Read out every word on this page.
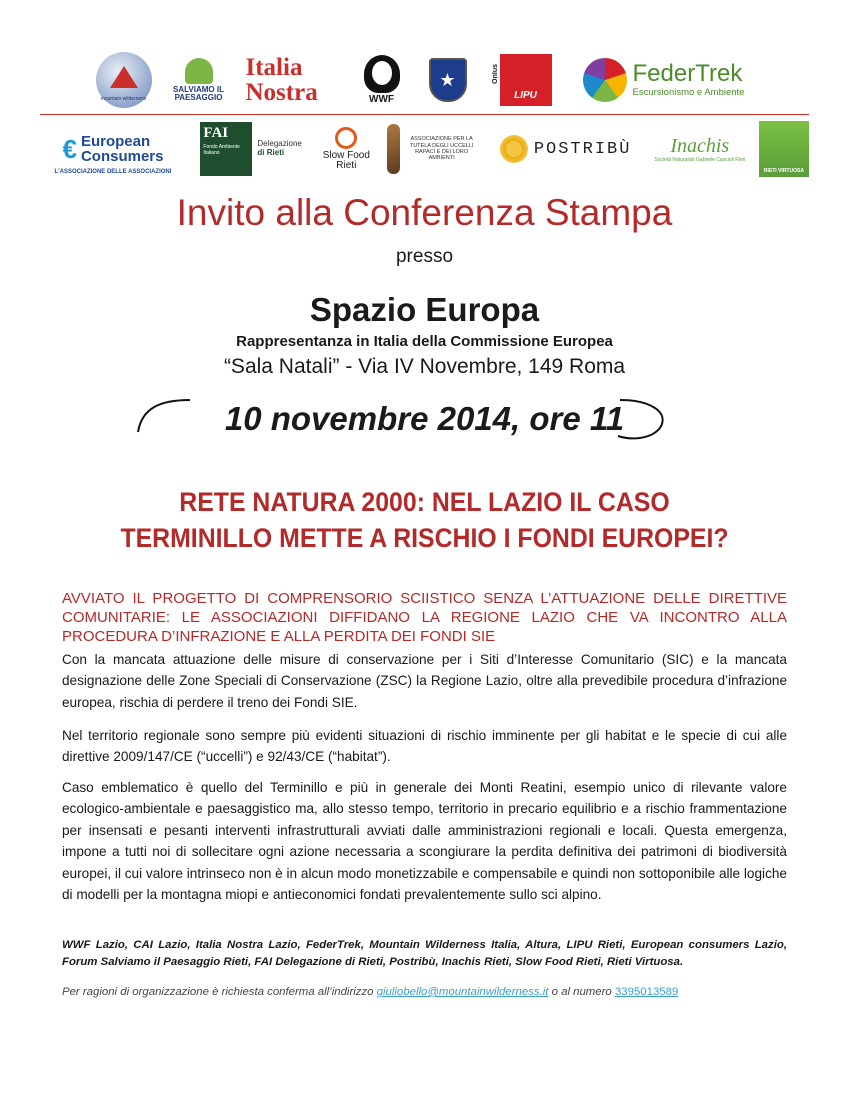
mountain wilderness
SALVIAMO IL PAESAGGIO
Italia
Nostra	WWF
★	Onlus
LIPU
FederTrek
Escursionismo e Ambiente
€ European
Consumers
L'ASSOCIAZIONE DELLE ASSOCIAZIONI
FAI
Fondo Ambiente Italiano
Delegazione
di Rieti	Slow Food
Rieti
ASSOCIAZIONE PER LA TUTELA DEGLI UCCELLI RAPACI E DEI LORO AMBIENTI	POSTRIBÙ Inachis
Società Naturalisti Gabriele Cascioli Rieti
RIETI VIRTUOSA
Invito alla Conferenza Stampa
presso
Spazio Europa
Rappresentanza in Italia della Commissione Europea
“Sala Natali” - Via IV Novembre, 149 Roma
10 novembre 2014, ore 11
RETE NATURA 2000: NEL LAZIO IL CASO
TERMINILLO METTE A RISCHIO I FONDI EUROPEI?
AVVIATO IL PROGETTO DI COMPRENSORIO SCIISTICO SENZA L’ATTUAZIONE DELLE DIRETTIVE COMUNITARIE: LE ASSOCIAZIONI DIFFIDANO LA REGIONE LAZIO CHE VA INCONTRO ALLA PROCEDURA D’INFRAZIONE E ALLA PERDITA DEI FONDI SIE
Con la mancata attuazione delle misure di conservazione per i Siti d’Interesse Comunitario (SIC) e la mancata designazione delle Zone Speciali di Conservazione (ZSC) la Regione Lazio, oltre alla prevedibile procedura d’infrazione europea, rischia di perdere il treno dei Fondi SIE.
Nel territorio regionale sono sempre più evidenti situazioni di rischio imminente per gli habitat e le specie di cui alle direttive 2009/147/CE (“uccelli”) e 92/43/CE (“habitat”).
Caso emblematico è quello del Terminillo e più in generale dei Monti Reatini, esempio unico di rilevante valore ecologico-ambientale e paesaggistico ma, allo stesso tempo, territorio in precario equilibrio e a rischio frammentazione per insensati e pesanti interventi infrastrutturali avviati dalle amministrazioni regionali e locali. Questa emergenza, impone a tutti noi di sollecitare ogni azione necessaria a scongiurare la perdita definitiva dei patrimoni di biodiversità europei, il cui valore intrinseco non è in alcun modo monetizzabile e compensabile e quindi non sottoponibile alle logiche di modelli per la montagna miopi e antieconomici fondati prevalentemente sullo sci alpino.
WWF Lazio, CAI Lazio, Italia Nostra Lazio, FederTrek, Mountain Wilderness Italia, Altura, LIPU Rieti, European consumers Lazio, Forum Salviamo il Paesaggio Rieti, FAI Delegazione di Rieti, Postribù, Inachis Rieti, Slow Food Rieti, Rieti Virtuosa.
Per ragioni di organizzazione è richiesta conferma all’indirizzo giuliobello@mountainwilderness.it o al numero 3395013589
